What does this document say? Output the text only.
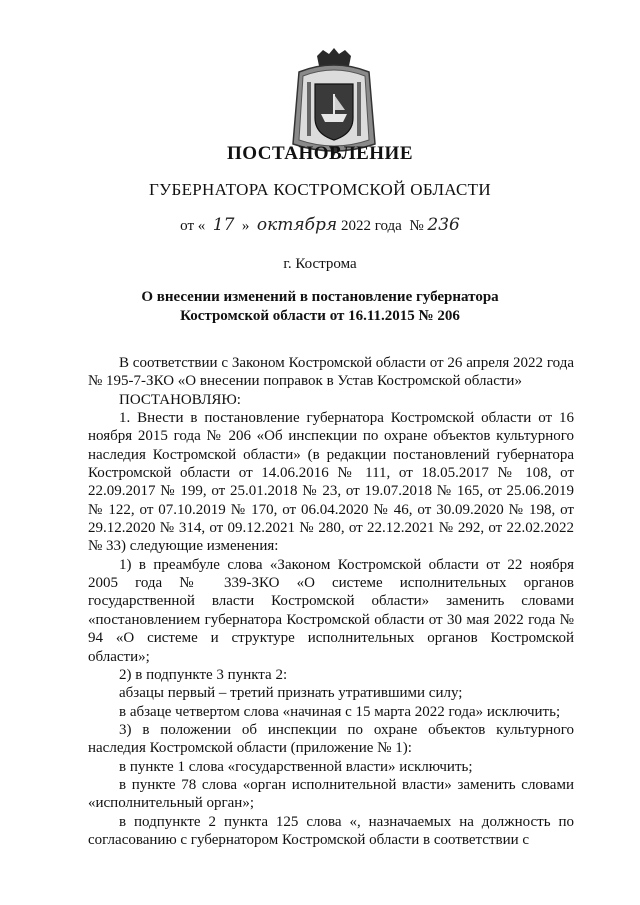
ПОСТАНОВЛЕНИЕ
ГУБЕРНАТОРА КОСТРОМСКОЙ ОБЛАСТИ
от « 17 » октября 2022 года № 236
г. Кострома
О внесении изменений в постановление губернатора
Костромской области от 16.11.2015 № 206

В соответствии с Законом Костромской области от 26 апреля 2022 года № 195-7-ЗКО «О внесении поправок в Устав Костромской области»

ПОСТАНОВЛЯЮ:

1. Внести в постановление губернатора Костромской области от 16 ноября 2015 года № 206 «Об инспекции по охране объектов культурного наследия Костромской области» (в редакции постановлений губернатора Костромской области от 14.06.2016 № 111, от 18.05.2017 № 108, от 22.09.2017 № 199, от 25.01.2018 № 23, от 19.07.2018 № 165, от 25.06.2019 № 122, от 07.10.2019 № 170, от 06.04.2020 № 46, от 30.09.2020 № 198, от 29.12.2020 № 314, от 09.12.2021 № 280, от 22.12.2021 № 292, от 22.02.2022 № 33) следующие изменения:

1) в преамбуле слова «Законом Костромской области от 22 ноября 2005 года № 339-ЗКО «О системе исполнительных органов государственной власти Костромской области» заменить словами «постановлением губернатора Костромской области от 30 мая 2022 года № 94 «О системе и структуре исполнительных органов Костромской области»;

2) в подпункте 3 пункта 2:

абзацы первый – третий признать утратившими силу;

в абзаце четвертом слова «начиная с 15 марта 2022 года» исключить;

3) в положении об инспекции по охране объектов культурного наследия Костромской области (приложение № 1):

в пункте 1 слова «государственной власти» исключить;

в пункте 78 слова «орган исполнительной власти» заменить словами «исполнительный орган»;

в подпункте 2 пункта 125 слова «, назначаемых на должность по согласованию с губернатором Костромской области в соответствии с
